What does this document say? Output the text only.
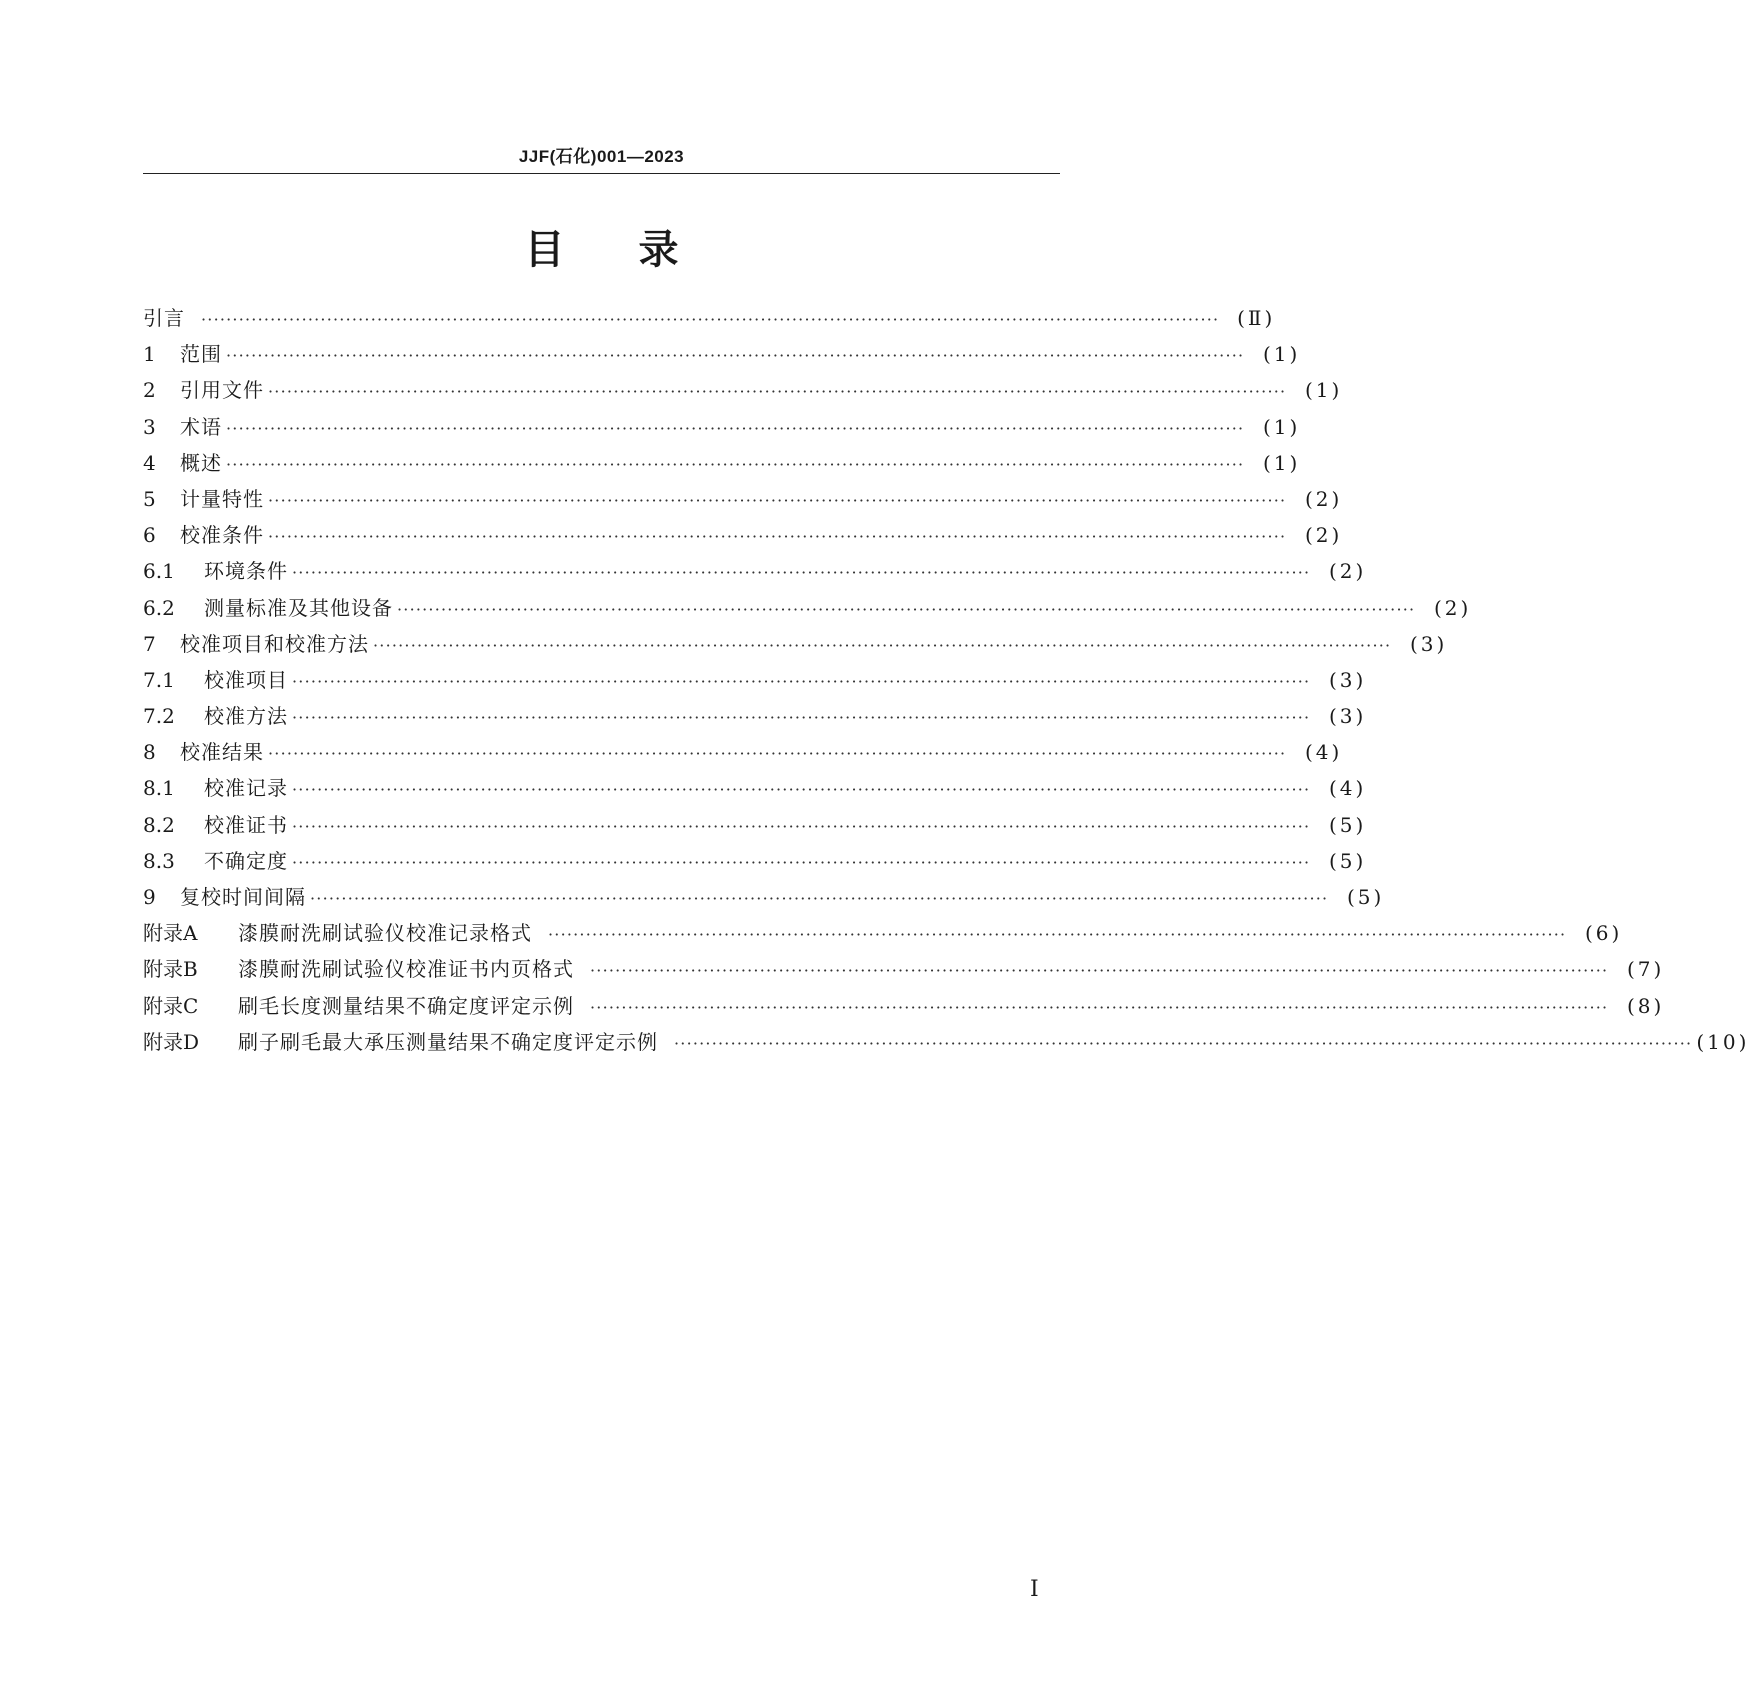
JJF(石化)001—2023
目录
引言	·································································································································································· (Ⅱ)
1	范围 ·································································································································································· (1)
2	引用文件 ·································································································································································· (1)
3	术语 ·································································································································································· (1)
4	概述 ·································································································································································· (1)
5	计量特性 ·································································································································································· (2)
6	校准条件 ·································································································································································· (2)
6.1	环境条件 ·································································································································································· (2)
6.2	测量标准及其他设备 ·································································································································································· (2)
7	校准项目和校准方法 ·································································································································································· (3)
7.1	校准项目 ·································································································································································· (3)
7.2	校准方法 ·································································································································································· (3)
8	校准结果 ·································································································································································· (4)
8.1	校准记录 ·································································································································································· (4)
8.2	校准证书 ·································································································································································· (5)
8.3	不确定度 ·································································································································································· (5)
9	复校时间间隔 ·································································································································································· (5)
附录A	漆膜耐洗刷试验仪校准记录格式	·································································································································································· (6)
附录B	漆膜耐洗刷试验仪校准证书内页格式	·································································································································································· (7)
附录C	刷毛长度测量结果不确定度评定示例	·································································································································································· (8)
附录D	刷子刷毛最大承压测量结果不确定度评定示例	·································································································································································· (10)
Ⅰ
